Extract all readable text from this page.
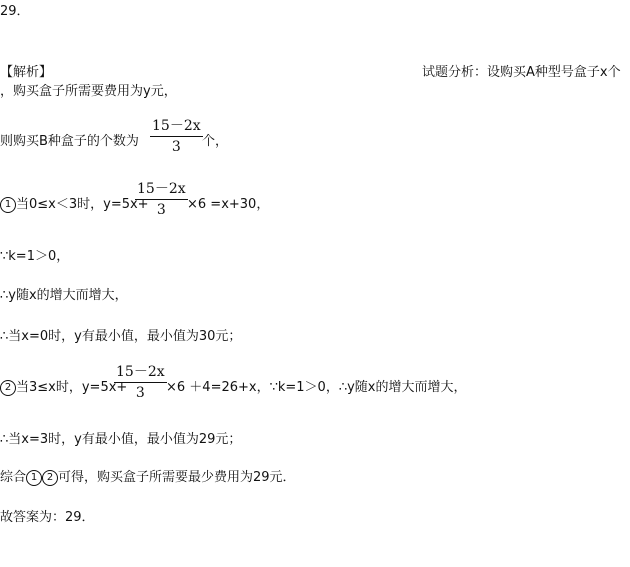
29．
【解析】	试题分析：设购买A种型号盒子x个
，购买盒子所需要费用为y元，
则购买B种盒子的个数为
15－2x
3 个，
1 当0≤x＜3时，y=5x+
15－2x
3 ×6 =x+30，
∵k=1＞0，
∴y随x的增大而增大，
∴当x=0时，y有最小值，最小值为30元；
2 当3≤x时，y=5x+
15－2x
3 ×6 ＋4=26+x，∵k=1＞0，∴y随x的增大而增大，
∴当x=3时，y有最小值，最小值为29元；
综合 1 2 可得，购买盒子所需要最少费用为29元．
故答案为：29．
